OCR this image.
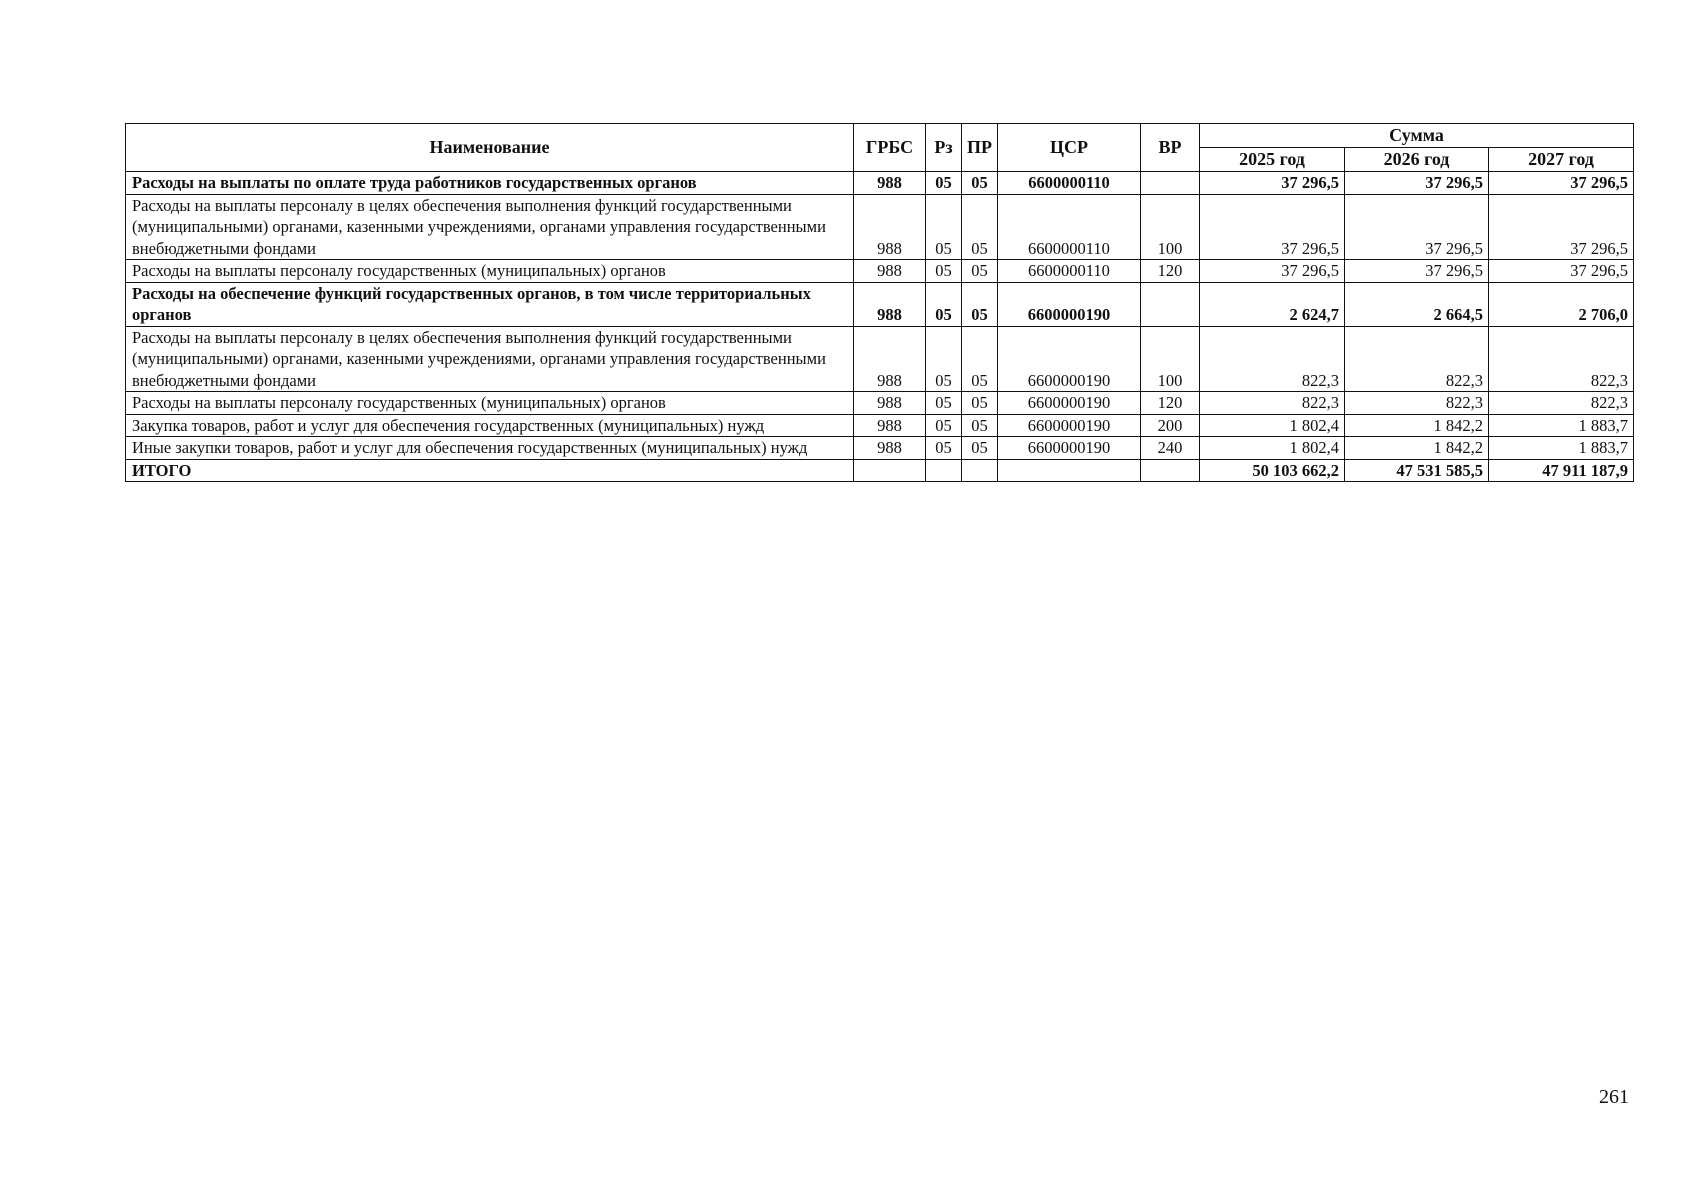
Наименование	ГРБС	Рз	ПР	ЦСР	ВР	Сумма		
						2025 год	2026 год	2027 год
Расходы на выплаты по оплате труда работников государственных органов	988	05	05	6600000110		37 296,5	37 296,5	37 296,5
Расходы на выплаты персоналу в целях обеспечения выполнения функций государственными (муниципальными) органами, казенными учреждениями, органами управления государственными внебюджетными фондами	988	05	05	6600000110	100	37 296,5	37 296,5	37 296,5
Расходы на выплаты персоналу государственных (муниципальных) органов	988	05	05	6600000110	120	37 296,5	37 296,5	37 296,5
Расходы на обеспечение функций государственных органов, в том числе территориальных органов	988	05	05	6600000190		2 624,7	2 664,5	2 706,0
Расходы на выплаты персоналу в целях обеспечения выполнения функций государственными (муниципальными) органами, казенными учреждениями, органами управления государственными внебюджетными фондами	988	05	05	6600000190	100	822,3	822,3	822,3
Расходы на выплаты персоналу государственных (муниципальных) органов	988	05	05	6600000190	120	822,3	822,3	822,3
Закупка товаров, работ и услуг для обеспечения государственных (муниципальных) нужд	988	05	05	6600000190	200	1 802,4	1 842,2	1 883,7
Иные закупки товаров, работ и услуг для обеспечения государственных (муниципальных) нужд	988	05	05	6600000190	240	1 802,4	1 842,2	1 883,7
ИТОГО						50 103 662,2	47 531 585,5	47 911 187,9
261
